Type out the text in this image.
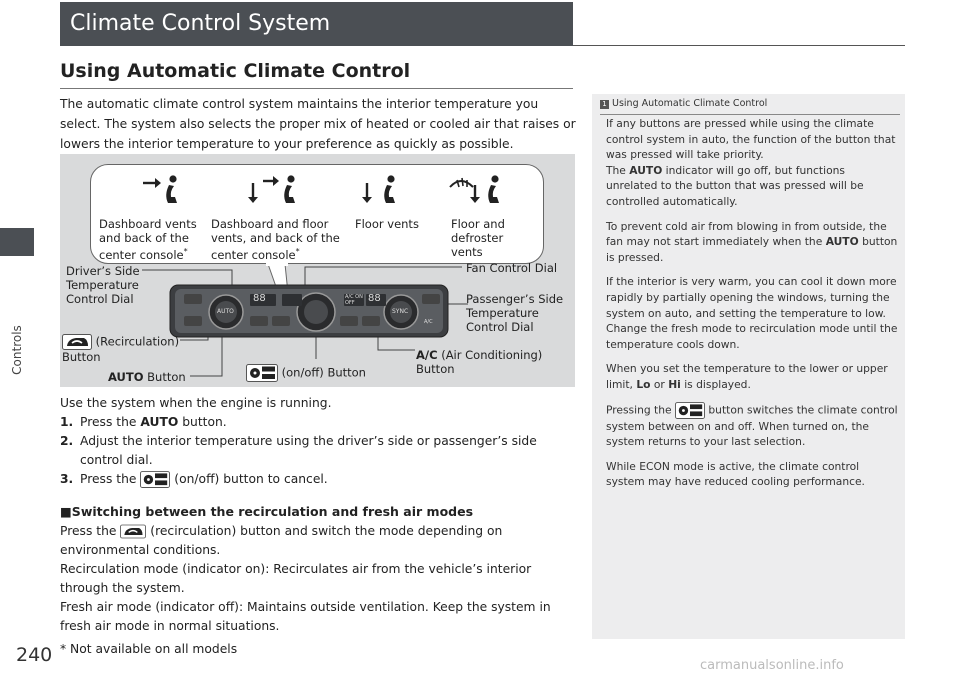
Controls
Climate Control System
Using Automatic Climate Control
The automatic climate control system maintains the interior temperature you select. The system also selects the proper mix of heated or cooled air that raises or lowers the interior temperature to your preference as quickly as possible.
Dashboard vents and back of the center console*
Dashboard and floor vents, and back of the center console*
Floor vents	Floor and defroster vents
AUTO	SYNC
88	88
A/C ON
OFF
A/C
Driver’s Side Temperature Control Dial
Fan Control Dial
Passenger’s Side Temperature Control Dial
(Recirculation) Button
AUTO Button	(on/off) Button
A/C (Air Conditioning) Button
Use the system when the engine is running.
1. Press the AUTO button.
2. Adjust the interior temperature using the driver’s side or passenger’s side control dial.
3. Press the  (on/off) button to cancel.
■Switching between the recirculation and fresh air modes
Press the  (recirculation) button and switch the mode depending on environmental conditions.
Recirculation mode (indicator on): Recirculates air from the vehicle’s interior through the system.
Fresh air mode (indicator off): Maintains outside ventilation. Keep the system in fresh air mode in normal situations.
1 Using Automatic Climate Control

If any buttons are pressed while using the climate control system in auto, the function of the button that was pressed will take priority.
The AUTO indicator will go off, but functions unrelated to the button that was pressed will be controlled automatically.

To prevent cold air from blowing in from outside, the fan may not start immediately when the AUTO button is pressed.

If the interior is very warm, you can cool it down more rapidly by partially opening the windows, turning the system on auto, and setting the temperature to low. Change the fresh mode to recirculation mode until the temperature cools down.

When you set the temperature to the lower or upper limit, Lo or Hi is displayed.

Pressing the	button switches the climate control system between on and off. When turned on, the system returns to your last selection.

While ECON mode is active, the climate control system may have reduced cooling performance.

* Not available on all models
240	carmanualsonline.info
